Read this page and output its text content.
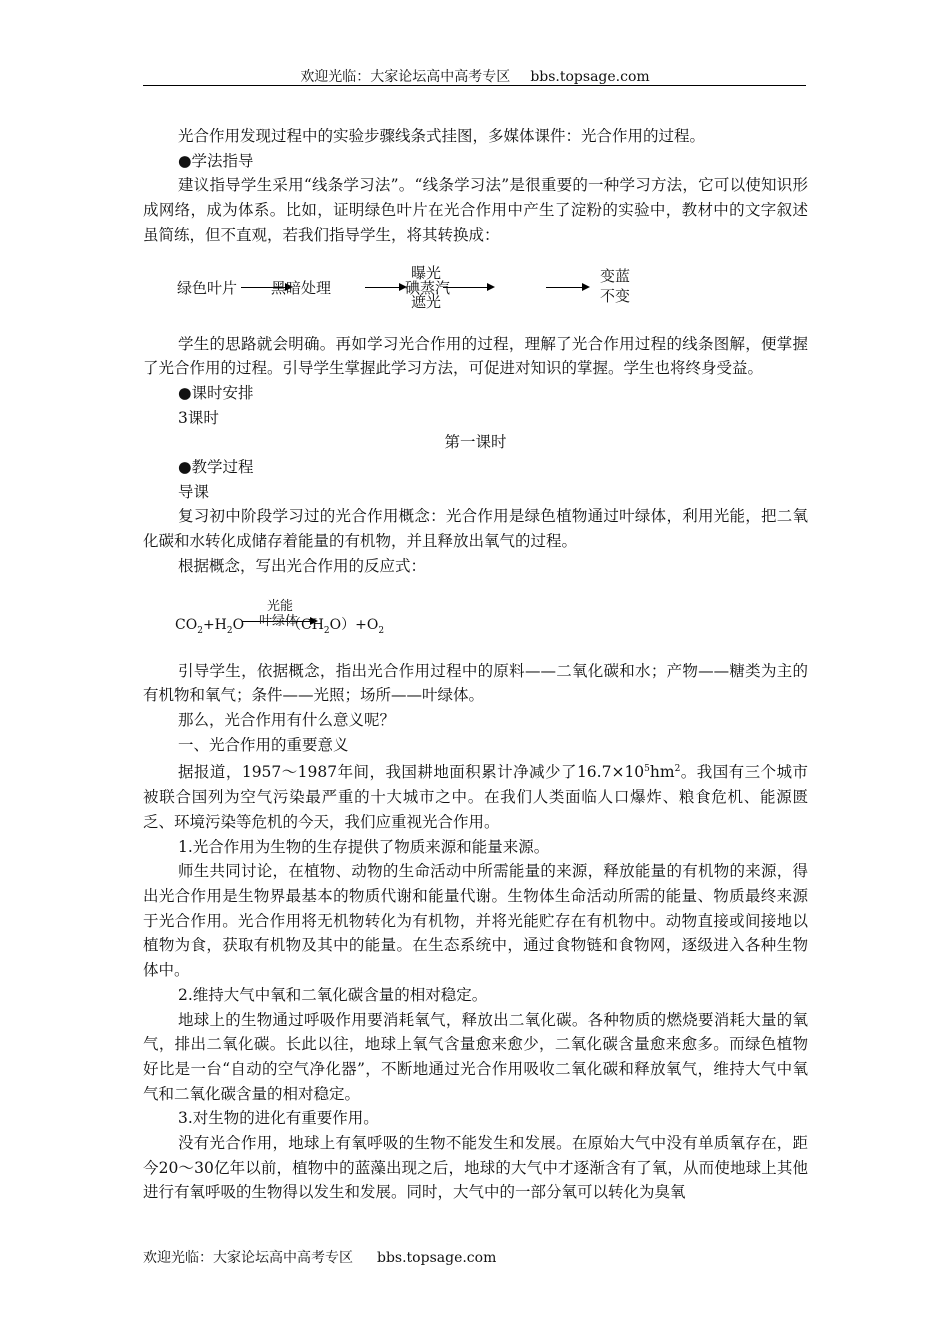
欢迎光临：大家论坛高中高考专区 bbs.topsage.com

光合作用发现过程中的实验步骤线条式挂图，多媒体课件：光合作用的过程。

●学法指导

建议指导学生采用“线条学习法”。“线条学习法”是很重要的一种学习方法，它可以使知识形成网络，成为体系。比如，证明绿色叶片在光合作用中产生了淀粉的实验中，教材中的文字叙述虽简练，但不直观，若我们指导学生，将其转换成：

绿色叶片 黑暗处理
曝光
碘蒸汽
遮光
变蓝
不变

学生的思路就会明确。再如学习光合作用的过程，理解了光合作用过程的线条图解，便掌握了光合作用的过程。引导学生掌握此学习方法，可促进对知识的掌握。学生也将终身受益。

●课时安排

3课时

第一课时

●教学过程

导课

复习初中阶段学习过的光合作用概念：光合作用是绿色植物通过叶绿体，利用光能，把二氧化碳和水转化成储存着能量的有机物，并且释放出氧气的过程。

根据概念，写出光合作用的反应式：

$CO_2+H_2O$
光能
叶绿体
$(CH_2O)+O_2$

引导学生，依据概念，指出光合作用过程中的原料——二氧化碳和水；产物——糖类为主的有机物和氧气；条件——光照；场所——叶绿体。

那么，光合作用有什么意义呢？

一、光合作用的重要意义

据报道，1957～1987年间，我国耕地面积累计净减少了$16.7\times 10^5hm^2$。我国有三个城市被联合国列为空气污染最严重的十大城市之中。在我们人类面临人口爆炸、粮食危机、能源匮乏、环境污染等危机的今天，我们应重视光合作用。

1.光合作用为生物的生存提供了物质来源和能量来源。

师生共同讨论，在植物、动物的生命活动中所需能量的来源，释放能量的有机物的来源，得出光合作用是生物界最基本的物质代谢和能量代谢。生物体生命活动所需的能量、物质最终来源于光合作用。光合作用将无机物转化为有机物，并将光能贮存在有机物中。动物直接或间接地以植物为食，获取有机物及其中的能量。在生态系统中，通过食物链和食物网，逐级进入各种生物体中。

2.维持大气中氧和二氧化碳含量的相对稳定。

地球上的生物通过呼吸作用要消耗氧气，释放出二氧化碳。各种物质的燃烧要消耗大量的氧气，排出二氧化碳。长此以往，地球上氧气含量愈来愈少，二氧化碳含量愈来愈多。而绿色植物好比是一台“自动的空气净化器”，不断地通过光合作用吸收二氧化碳和释放氧气，维持大气中氧气和二氧化碳含量的相对稳定。

3.对生物的进化有重要作用。

没有光合作用，地球上有氧呼吸的生物不能发生和发展。在原始大气中没有单质氧存在，距今20～30亿年以前，植物中的蓝藻出现之后，地球的大气中才逐渐含有了氧，从而使地球上其他进行有氧呼吸的生物得以发生和发展。同时，大气中的一部分氧可以转化为臭氧

欢迎光临：大家论坛高中高考专区 bbs.topsage.com
